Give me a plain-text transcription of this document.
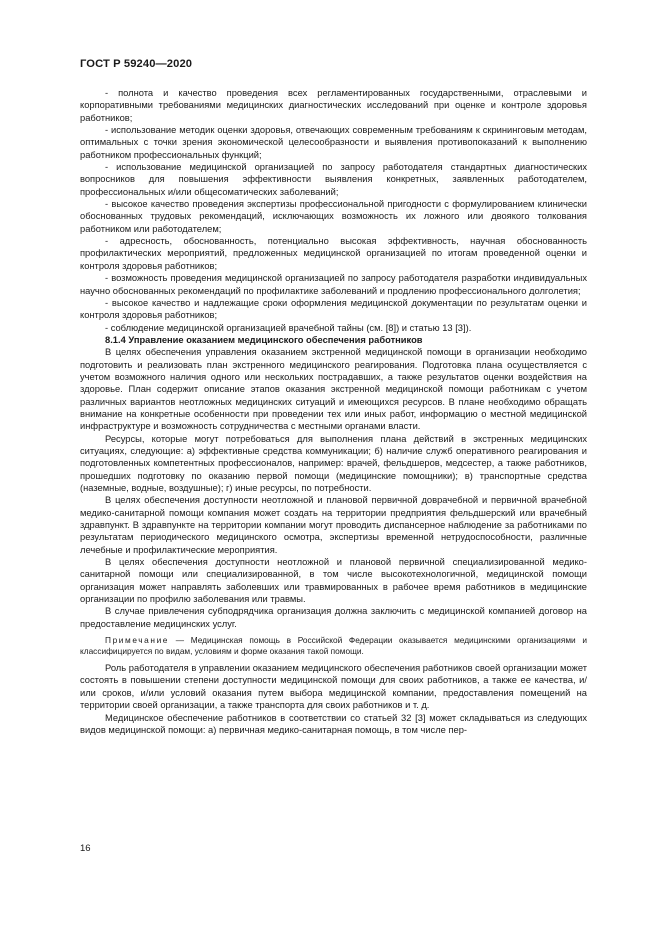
ГОСТ Р 59240—2020

- полнота и качество проведения всех регламентированных государственными, отраслевыми и корпоративными требованиями медицинских диагностических исследований при оценке и контроле здоровья работников;

- использование методик оценки здоровья, отвечающих современным требованиям к скрининговым методам, оптимальных с точки зрения экономической целесообразности и выявления противопоказаний к выполнению работником профессиональных функций;

- использование медицинской организацией по запросу работодателя стандартных диагностических вопросников для повышения эффективности выявления конкретных, заявленных работодателем, профессиональных и/или общесоматических заболеваний;

- высокое качество проведения экспертизы профессиональной пригодности с формулированием клинически обоснованных трудовых рекомендаций, исключающих возможность их ложного или двоякого толкования работником или работодателем;

- адресность, обоснованность, потенциально высокая эффективность, научная обоснованность профилактических мероприятий, предложенных медицинской организацией по итогам проведенной оценки и контроля здоровья работников;

- возможность проведения медицинской организацией по запросу работодателя разработки индивидуальных научно обоснованных рекомендаций по профилактике заболеваний и продлению профессионального долголетия;

- высокое качество и надлежащие сроки оформления медицинской документации по результатам оценки и контроля здоровья работников;

- соблюдение медицинской организацией врачебной тайны (см. [8]) и статью 13 [3]).

8.1.4 Управление оказанием медицинского обеспечения работников

В целях обеспечения управления оказанием экстренной медицинской помощи в организации необходимо подготовить и реализовать план экстренного медицинского реагирования. Подготовка плана осуществляется с учетом возможного наличия одного или нескольких пострадавших, а также результатов оценки воздействия на здоровье. План содержит описание этапов оказания экстренной медицинской помощи работникам с учетом различных вариантов неотложных медицинских ситуаций и имеющихся ресурсов. В плане необходимо обращать внимание на конкретные особенности при проведении тех или иных работ, информацию о местной медицинской инфраструктуре и возможность сотрудничества с местными органами власти.

Ресурсы, которые могут потребоваться для выполнения плана действий в экстренных медицинских ситуациях, следующие: а) эффективные средства коммуникации; б) наличие служб оперативного реагирования и подготовленных компетентных профессионалов, например: врачей, фельдшеров, медсестер, а также работников, прошедших подготовку по оказанию первой помощи (медицинские помощники); в) транспортные средства (наземные, водные, воздушные); г) иные ресурсы, по потребности.

В целях обеспечения доступности неотложной и плановой первичной доврачебной и первичной врачебной медико-санитарной помощи компания может создать на территории предприятия фельдшерский или врачебный здравпункт. В здравпункте на территории компании могут проводить диспансерное наблюдение за работниками по результатам периодического медицинского осмотра, экспертизы временной нетрудоспособности, различные лечебные и профилактические мероприятия.

В целях обеспечения доступности неотложной и плановой первичной специализированной медико-санитарной помощи или специализированной, в том числе высокотехнологичной, медицинской помощи организация может направлять заболевших или травмированных в рабочее время работников в медицинские организации по профилю заболевания или травмы.

В случае привлечения субподрядчика организация должна заключить с медицинской компанией договор на предоставление медицинских услуг.

Примечание — Медицинская помощь в Российской Федерации оказывается медицинскими организациями и классифицируется по видам, условиям и форме оказания такой помощи.

Роль работодателя в управлении оказанием медицинского обеспечения работников своей организации может состоять в повышении степени доступности медицинской помощи для своих работников, а также ее качества, и/или сроков, и/или условий оказания путем выбора медицинской компании, предоставления помещений на территории своей организации, а также транспорта для своих работников и т. д.

Медицинское обеспечение работников в соответствии со статьей 32 [3] может складываться из следующих видов медицинской помощи: а) первичная медико-санитарная помощь, в том числе пер-

16
